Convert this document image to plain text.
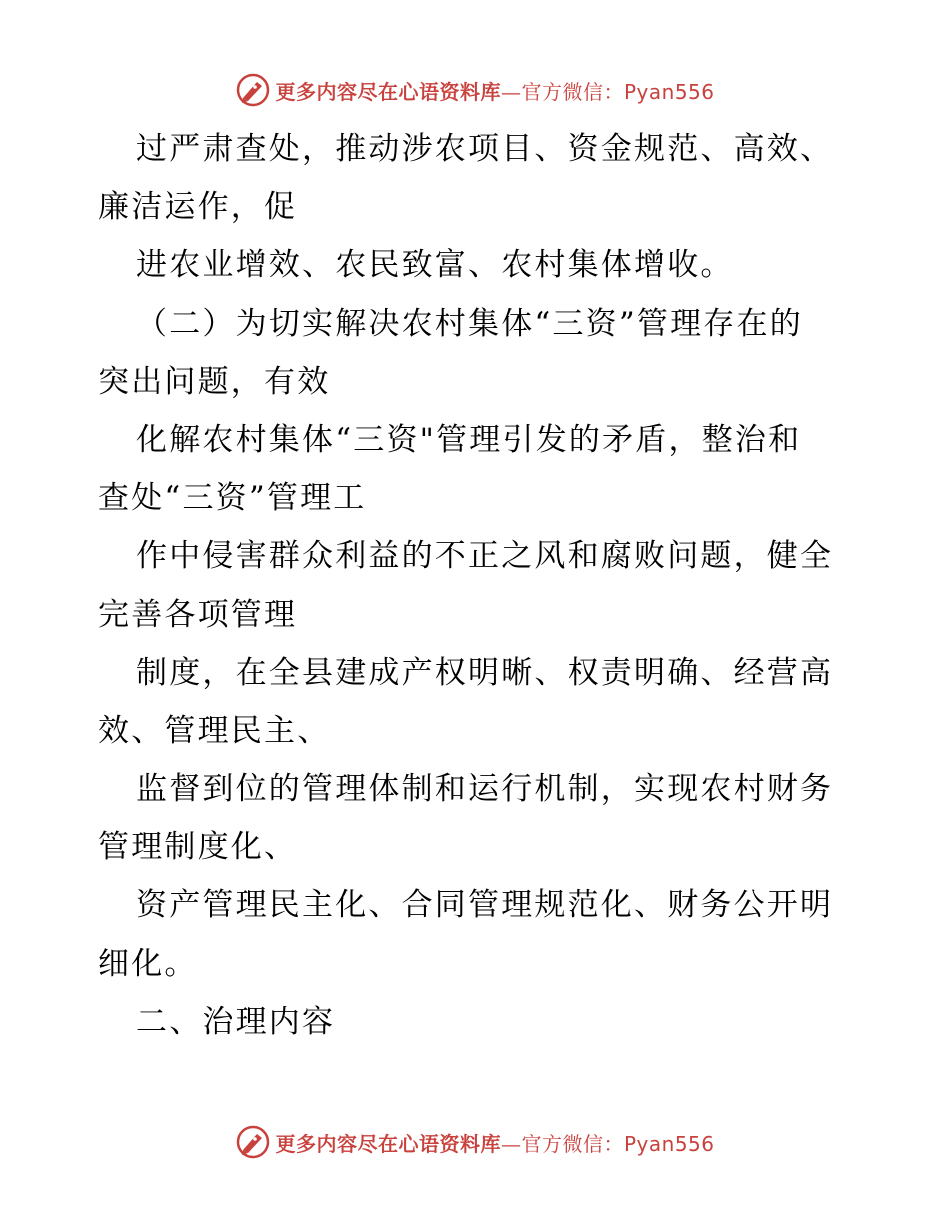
更多内容尽在心语资料库—官方微信：Pyan556
过严肃查处，推动涉农项目、资金规范、高效、
廉洁运作，促
进农业增效、农民致富、农村集体增收。
（二）为切实解决农村集体“三资”管理存在的
突出问题，有效
化解农村集体“三资"管理引发的矛盾，整治和
查处“三资”管理工
作中侵害群众利益的不正之风和腐败问题，健全
完善各项管理
制度，在全县建成产权明晰、权责明确、经营高
效、管理民主、
监督到位的管理体制和运行机制，实现农村财务
管理制度化、
资产管理民主化、合同管理规范化、财务公开明
细化。
二、治理内容
更多内容尽在心语资料库—官方微信：Pyan556
